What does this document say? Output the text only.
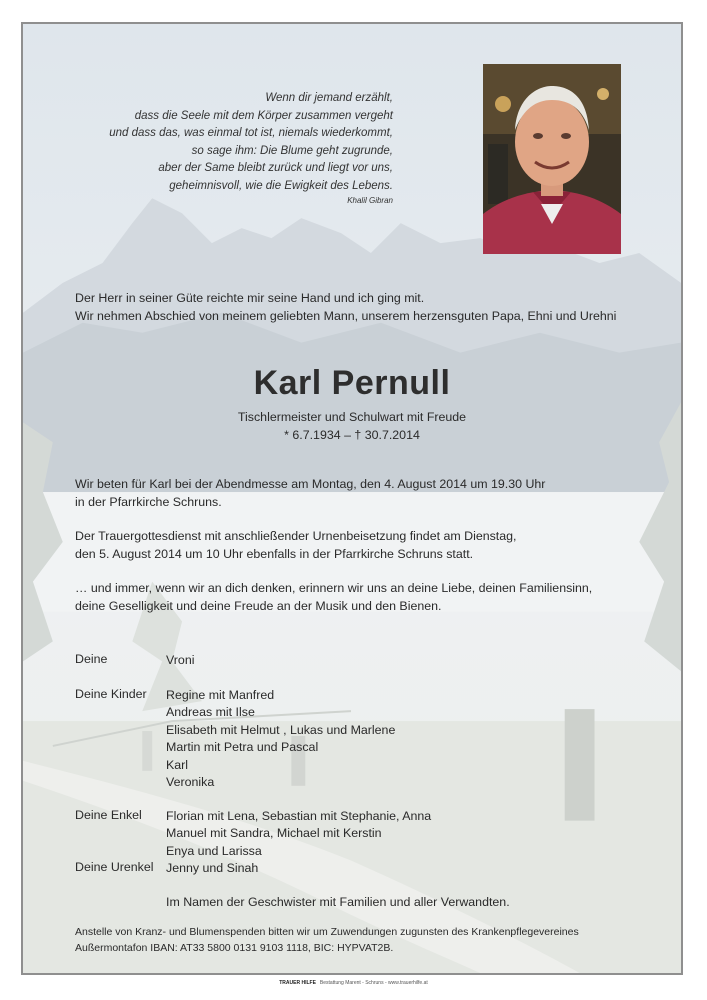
Wenn dir jemand erzählt,
dass die Seele mit dem Körper zusammen vergeht
und dass das, was einmal tot ist, niemals wiederkommt,
so sage ihm: Die Blume geht zugrunde,
aber der Same bleibt zurück und liegt vor uns,
geheimnisvoll, wie die Ewigkeit des Lebens.
Khalil Gibran
Der Herr in seiner Güte reichte mir seine Hand und ich ging mit.
Wir nehmen Abschied von meinem geliebten Mann, unserem herzensguten Papa, Ehni und Urehni
Karl Pernull
Tischlermeister und Schulwart mit Freude
* 6.7.1934 – † 30.7.2014
Wir beten für Karl bei der Abendmesse am Montag, den 4. August 2014 um 19.30 Uhr
in der Pfarrkirche Schruns.
Der Trauergottesdienst mit anschließender Urnenbeisetzung findet am Dienstag,
den 5. August 2014 um 10 Uhr ebenfalls in der Pfarrkirche Schruns statt.
… und immer, wenn wir an dich denken, erinnern wir uns an deine Liebe, deinen Familiensinn,
deine Geselligkeit und deine Freude an der Musik und den Bienen.
Deine	Vroni
Deine Kinder Regine mit Manfred
Andreas mit Ilse
Elisabeth mit Helmut , Lukas und Marlene
Martin mit Petra und Pascal
Karl
Veronika
Deine Enkel Florian mit Lena, Sebastian mit Stephanie, Anna
Manuel mit Sandra, Michael mit Kerstin
Enya und Larissa
Deine Urenkel Jenny und Sinah
Im Namen der Geschwister mit Familien und aller Verwandten.
Anstelle von Kranz- und Blumenspenden bitten wir um Zuwendungen zugunsten des Krankenpflegevereines
Außermontafon IBAN: AT33 5800 0131 9103 1118, BIC: HYPVAT2B.
TRAUER HILFE Bestattung Marent - Schruns - www.trauerhilfe.at
